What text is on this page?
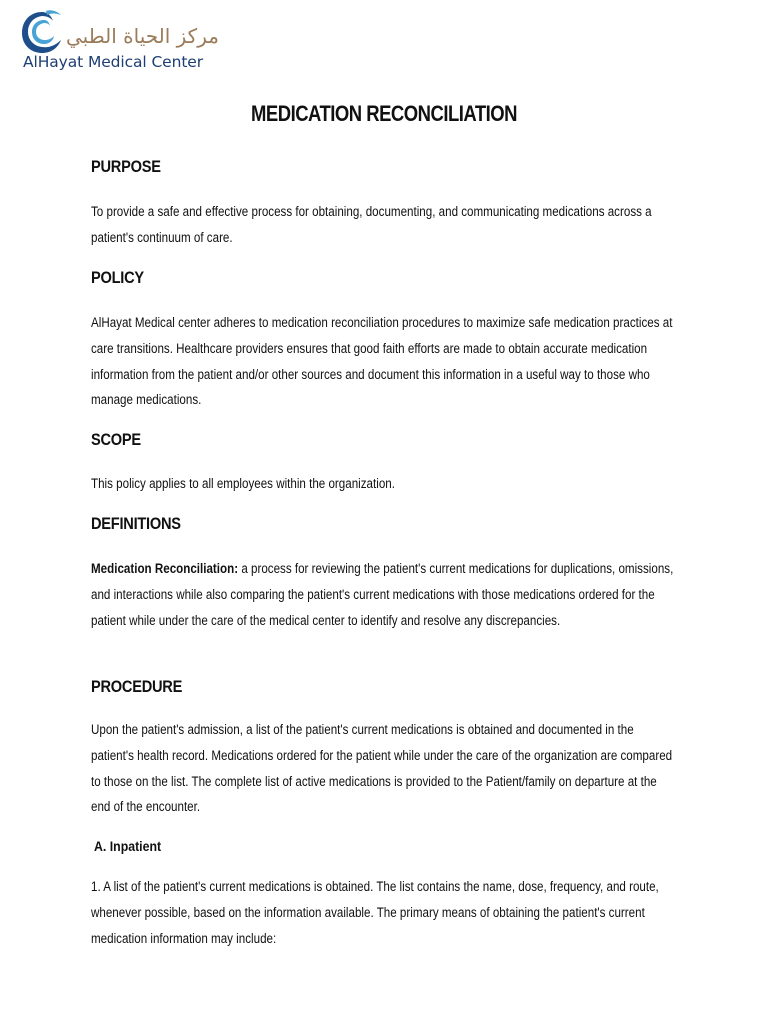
مركز الحياة الطبي
AlHayat Medical Center
MEDICATION RECONCILIATION
PURPOSE

To provide a safe and effective process for obtaining, documenting, and communicating medications across a patient's continuum of care.

POLICY

AlHayat Medical center adheres to medication reconciliation procedures to maximize safe medication practices at care transitions. Healthcare providers ensures that good faith efforts are made to obtain accurate medication information from the patient and/or other sources and document this information in a useful way to those who manage medications.

SCOPE

This policy applies to all employees within the organization.

DEFINITIONS

Medication Reconciliation: a process for reviewing the patient's current medications for duplications, omissions, and interactions while also comparing the patient's current medications with those medications ordered for the patient while under the care of the medical center to identify and resolve any discrepancies.

PROCEDURE

Upon the patient's admission, a list of the patient's current medications is obtained and documented in the patient's health record. Medications ordered for the patient while under the care of the organization are compared to those on the list. The complete list of active medications is provided to the Patient/family on departure at the end of the encounter.

A. Inpatient

1. A list of the patient's current medications is obtained. The list contains the name, dose, frequency, and route, whenever possible, based on the information available. The primary means of obtaining the patient's current medication information may include:
